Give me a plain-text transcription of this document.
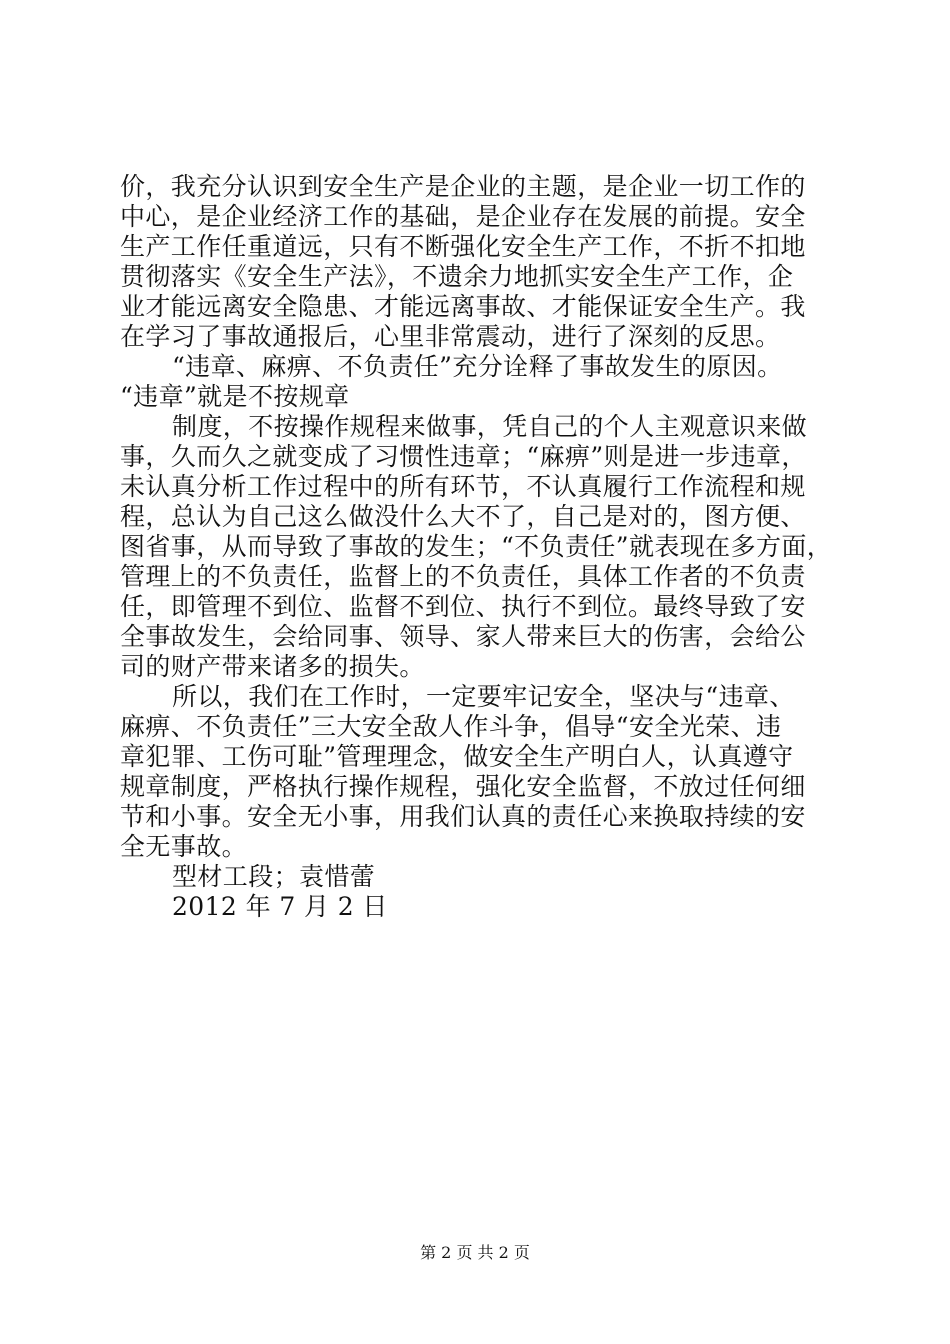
价，我充分认识到安全生产是企业的主题，是企业一切工作的
中心，是企业经济工作的基础，是企业存在发展的前提。安全
生产工作任重道远，只有不断强化安全生产工作，不折不扣地
贯彻落实《安全生产法》，不遗余力地抓实安全生产工作，企
业才能远离安全隐患、才能远离事故、才能保证安全生产。我
在学习了事故通报后，心里非常震动，进行了深刻的反思。
“违章、麻痹、不负责任”充分诠释了事故发生的原因。
“违章”就是不按规章
制度，不按操作规程来做事，凭自己的个人主观意识来做
事，久而久之就变成了习惯性违章；“麻痹”则是进一步违章，
未认真分析工作过程中的所有环节，不认真履行工作流程和规
程，总认为自己这么做没什么大不了，自己是对的，图方便、
图省事，从而导致了事故的发生；“不负责任”就表现在多方面，
管理上的不负责任，监督上的不负责任，具体工作者的不负责
任，即管理不到位、监督不到位、执行不到位。最终导致了安
全事故发生，会给同事、领导、家人带来巨大的伤害，会给公
司的财产带来诸多的损失。
所以，我们在工作时，一定要牢记安全，坚决与“违章、
麻痹、不负责任”三大安全敌人作斗争，倡导“安全光荣、违
章犯罪、工伤可耻”管理理念，做安全生产明白人，认真遵守
规章制度，严格执行操作规程，强化安全监督，不放过任何细
节和小事。安全无小事，用我们认真的责任心来换取持续的安
全无事故。
型材工段；袁惜蕾
2012 年 7 月 2 日
第 2 页 共 2 页
